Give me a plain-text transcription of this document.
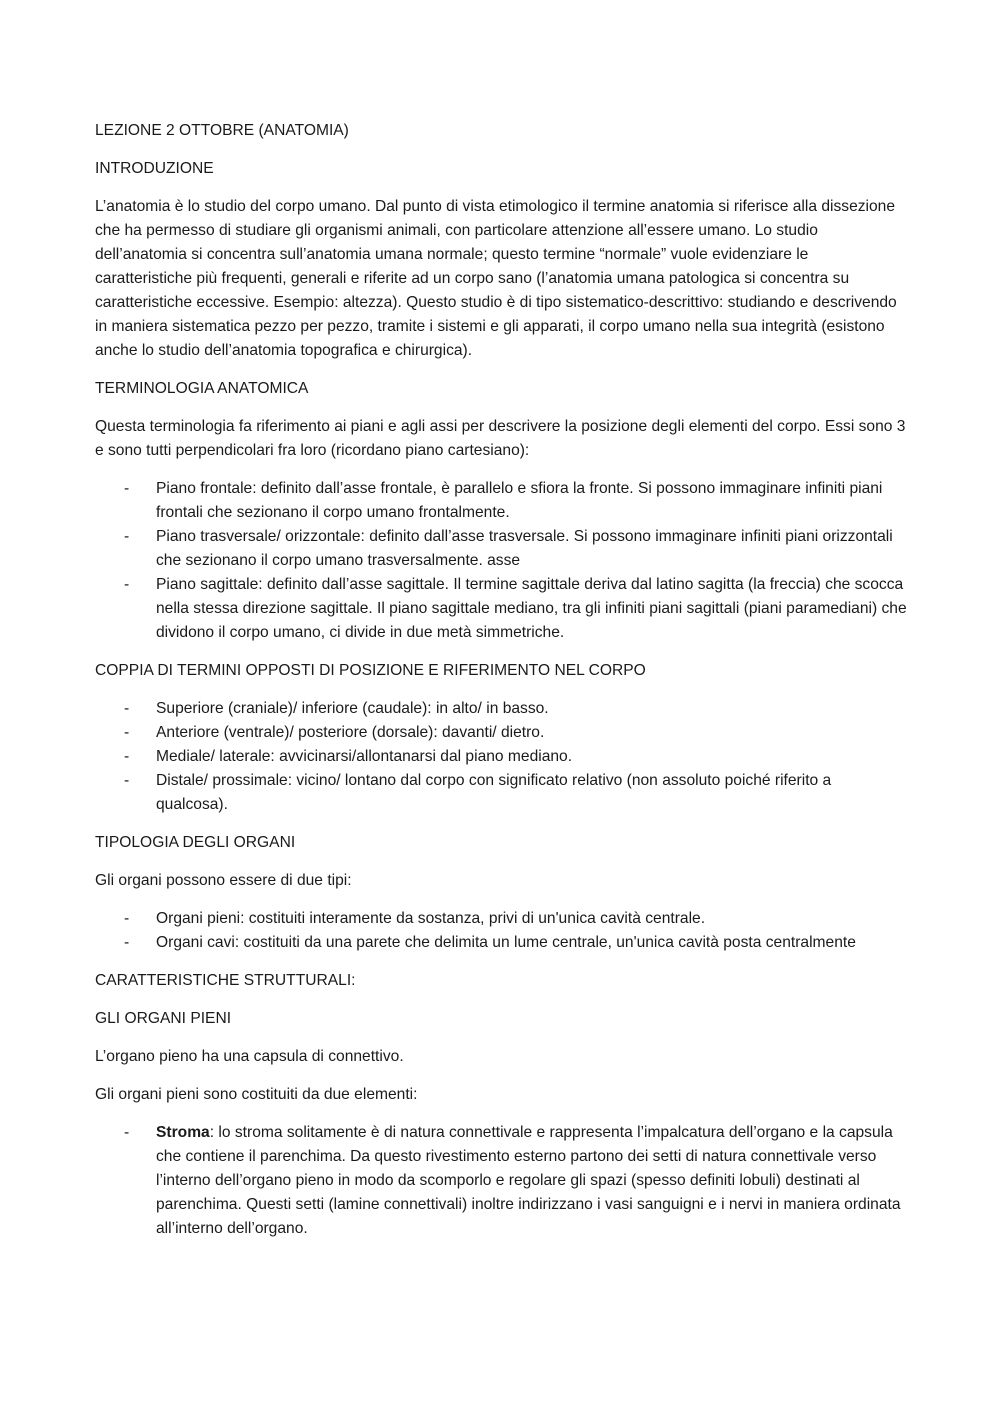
LEZIONE 2 OTTOBRE (ANATOMIA)

INTRODUZIONE

L’anatomia è lo studio del corpo umano. Dal punto di vista etimologico il termine anatomia si riferisce alla dissezione che ha permesso di studiare gli organismi animali, con particolare attenzione all’essere umano. Lo studio dell’anatomia si concentra sull’anatomia umana normale; questo termine “normale” vuole evidenziare le caratteristiche più frequenti, generali e riferite ad un corpo sano (l’anatomia umana patologica si concentra su caratteristiche eccessive. Esempio: altezza). Questo studio è di tipo sistematico-descrittivo: studiando e descrivendo in maniera sistematica pezzo per pezzo, tramite i sistemi e gli apparati, il corpo umano nella sua integrità (esistono anche lo studio dell’anatomia topografica e chirurgica).

TERMINOLOGIA ANATOMICA

Questa terminologia fa riferimento ai piani e agli assi per descrivere la posizione degli elementi del corpo. Essi sono 3 e sono tutti perpendicolari fra loro (ricordano piano cartesiano):

- Piano frontale: definito dall’asse frontale, è parallelo e sfiora la fronte. Si possono immaginare infiniti piani frontali che sezionano il corpo umano frontalmente.
- Piano trasversale/ orizzontale: definito dall’asse trasversale. Si possono immaginare infiniti piani orizzontali che sezionano il corpo umano trasversalmente. asse
- Piano sagittale: definito dall’asse sagittale. Il termine sagittale deriva dal latino sagitta (la freccia) che scocca nella stessa direzione sagittale. Il piano sagittale mediano, tra gli infiniti piani sagittali (piani paramediani) che dividono il corpo umano, ci divide in due metà simmetriche.

COPPIA DI TERMINI OPPOSTI DI POSIZIONE E RIFERIMENTO NEL CORPO

- Superiore (craniale)/ inferiore (caudale): in alto/ in basso.
- Anteriore (ventrale)/ posteriore (dorsale): davanti/ dietro.
- Mediale/ laterale: avvicinarsi/allontanarsi dal piano mediano.
- Distale/ prossimale: vicino/ lontano dal corpo con significato relativo (non assoluto poiché riferito a qualcosa).

TIPOLOGIA DEGLI ORGANI

Gli organi possono essere di due tipi:

- Organi pieni: costituiti interamente da sostanza, privi di un'unica cavità centrale.
- Organi cavi: costituiti da una parete che delimita un lume centrale, un'unica cavità posta centralmente

CARATTERISTICHE STRUTTURALI:

GLI ORGANI PIENI

L’organo pieno ha una capsula di connettivo.

Gli organi pieni sono costituiti da due elementi:

- Stroma: lo stroma solitamente è di natura connettivale e rappresenta l’impalcatura dell’organo e la capsula che contiene il parenchima. Da questo rivestimento esterno partono dei setti di natura connettivale verso l’interno dell’organo pieno in modo da scomporlo e regolare gli spazi (spesso definiti lobuli) destinati al parenchima. Questi setti (lamine connettivali) inoltre indirizzano i vasi sanguigni e i nervi in maniera ordinata all’interno dell’organo.
